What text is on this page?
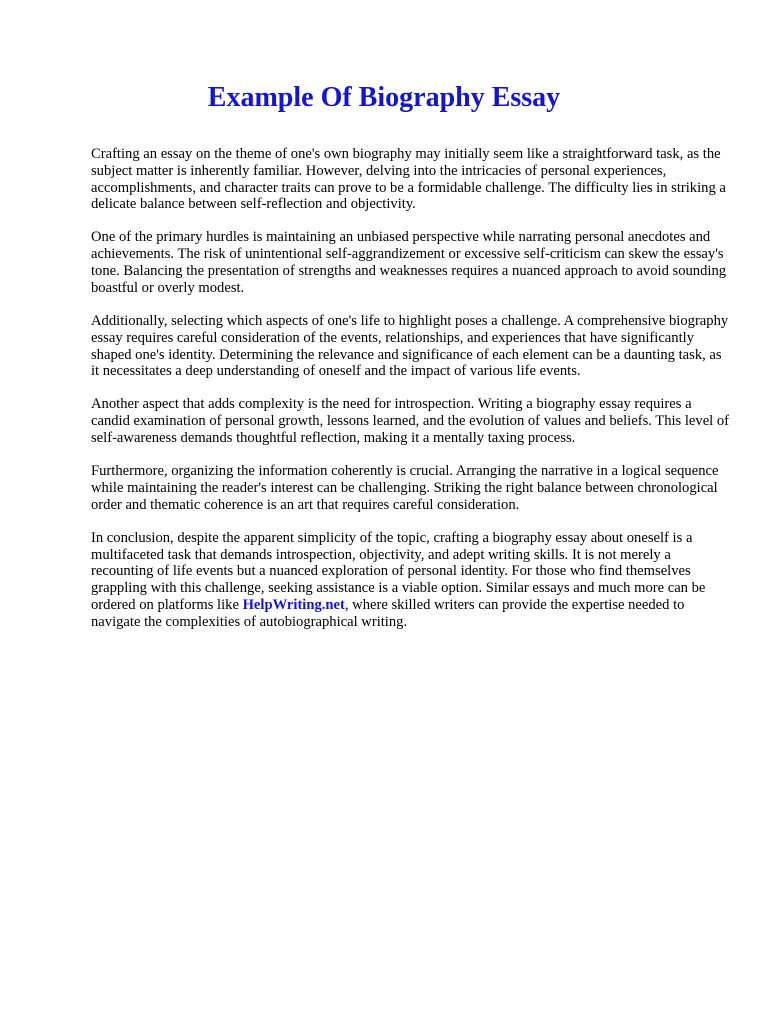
Example Of Biography Essay

Crafting an essay on the theme of one's own biography may initially seem like a straightforward task, as the subject matter is inherently familiar. However, delving into the intricacies of personal experiences, accomplishments, and character traits can prove to be a formidable challenge. The difficulty lies in striking a delicate balance between self-reflection and objectivity.

One of the primary hurdles is maintaining an unbiased perspective while narrating personal anecdotes and achievements. The risk of unintentional self-aggrandizement or excessive self-criticism can skew the essay's tone. Balancing the presentation of strengths and weaknesses requires a nuanced approach to avoid sounding boastful or overly modest.

Additionally, selecting which aspects of one's life to highlight poses a challenge. A comprehensive biography essay requires careful consideration of the events, relationships, and experiences that have significantly shaped one's identity. Determining the relevance and significance of each element can be a daunting task, as it necessitates a deep understanding of oneself and the impact of various life events.

Another aspect that adds complexity is the need for introspection. Writing a biography essay requires a candid examination of personal growth, lessons learned, and the evolution of values and beliefs. This level of self-awareness demands thoughtful reflection, making it a mentally taxing process.

Furthermore, organizing the information coherently is crucial. Arranging the narrative in a logical sequence while maintaining the reader's interest can be challenging. Striking the right balance between chronological order and thematic coherence is an art that requires careful consideration.

In conclusion, despite the apparent simplicity of the topic, crafting a biography essay about oneself is a multifaceted task that demands introspection, objectivity, and adept writing skills. It is not merely a recounting of life events but a nuanced exploration of personal identity. For those who find themselves grappling with this challenge, seeking assistance is a viable option. Similar essays and much more can be ordered on platforms like HelpWriting.net, where skilled writers can provide the expertise needed to navigate the complexities of autobiographical writing.
